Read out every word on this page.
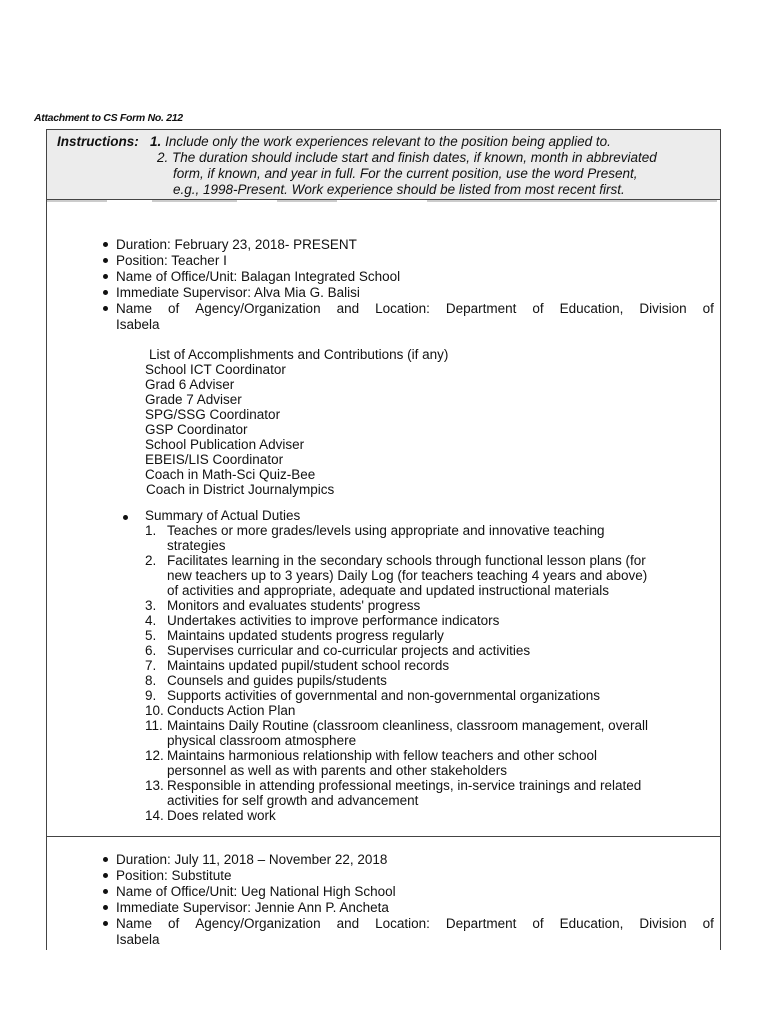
Attachment to CS Form No. 212
Instructions: 1. Include only the work experiences relevant to the position being applied to.
2. The duration should include start and finish dates, if known, month in abbreviated
form, if known, and year in full. For the current position, use the word Present,
e.g., 1998-Present. Work experience should be listed from most recent first.
Duration: February 23, 2018- PRESENT
Position: Teacher I
Name of Office/Unit: Balagan Integrated School
Immediate Supervisor: Alva Mia G. Balisi
Name of Agency/Organization and Location: Department of Education, Division of
Isabela
List of Accomplishments and Contributions (if any)
School ICT Coordinator
Grad 6 Adviser
Grade 7 Adviser
SPG/SSG Coordinator
GSP Coordinator
School Publication Adviser
EBEIS/LIS Coordinator
Coach in Math-Sci Quiz-Bee
Coach in District Journalympics
Summary of Actual Duties
1. Teaches or more grades/levels using appropriate and innovative teaching
strategies
2. Facilitates learning in the secondary schools through functional lesson plans (for
new teachers up to 3 years) Daily Log (for teachers teaching 4 years and above)
of activities and appropriate, adequate and updated instructional materials
3. Monitors and evaluates students' progress
4. Undertakes activities to improve performance indicators
5. Maintains updated students progress regularly
6. Supervises curricular and co-curricular projects and activities
7. Maintains updated pupil/student school records
8. Counsels and guides pupils/students
9. Supports activities of governmental and non-governmental organizations
10. Conducts Action Plan
11. Maintains Daily Routine (classroom cleanliness, classroom management, overall
physical classroom atmosphere
12. Maintains harmonious relationship with fellow teachers and other school
personnel as well as with parents and other stakeholders
13. Responsible in attending professional meetings, in-service trainings and related
activities for self growth and advancement
14. Does related work
Duration: July 11, 2018 – November 22, 2018
Position: Substitute
Name of Office/Unit: Ueg National High School
Immediate Supervisor: Jennie Ann P. Ancheta
Name of Agency/Organization and Location: Department of Education, Division of
Isabela
